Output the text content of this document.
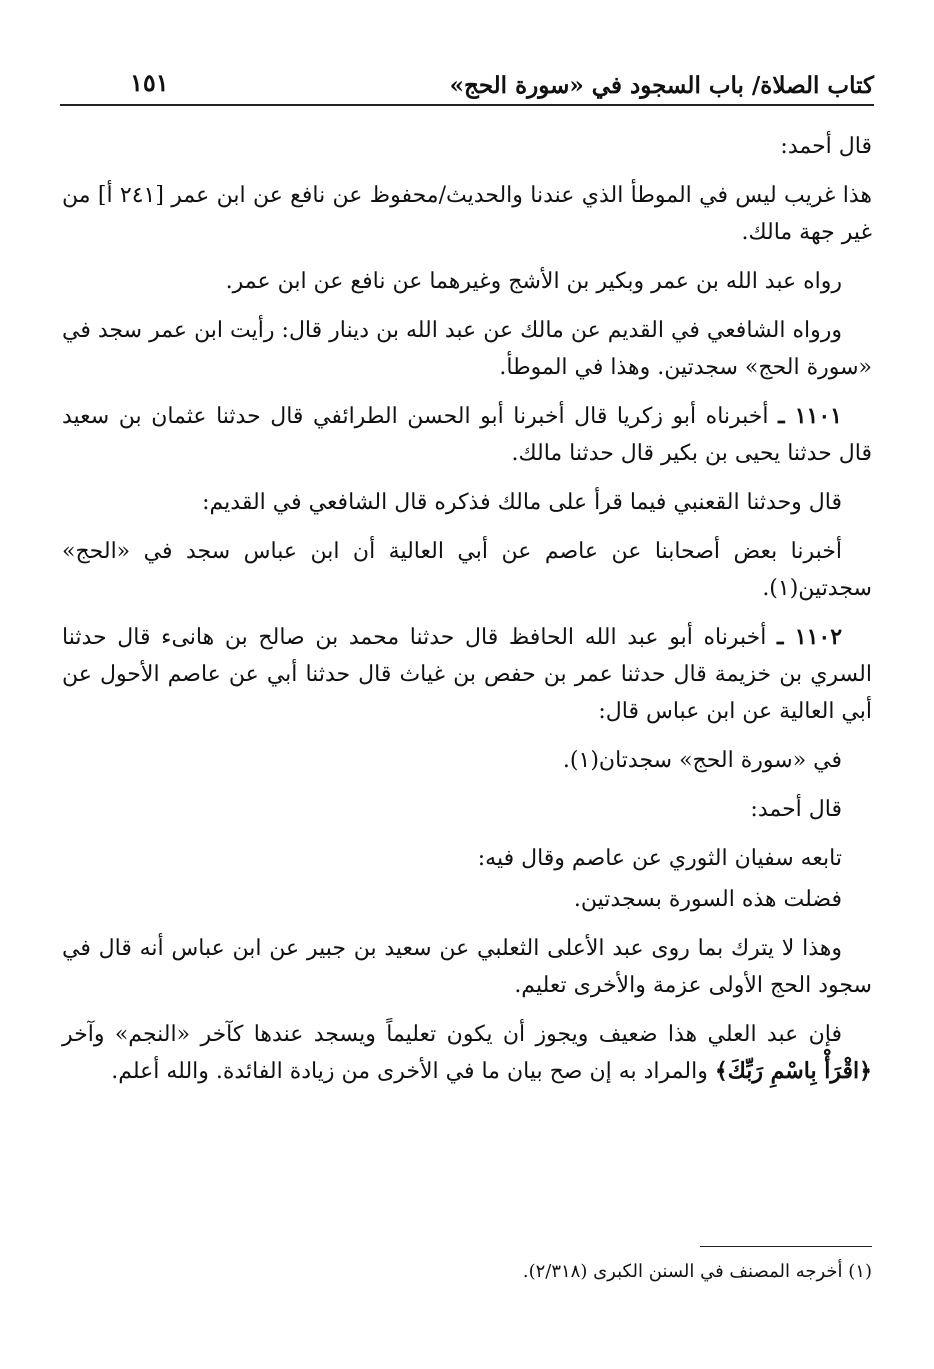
كتاب الصلاة/ باب السجود في «سورة الحج»
١٥١

قال أحمد:

هذا غريب ليس في الموطأ الذي عندنا والحديث/محفوظ عن نافع عن ابن عمر [٢٤١ أ] من غير جهة مالك.

رواه عبد الله بن عمر وبكير بن الأشج وغيرهما عن نافع عن ابن عمر.

ورواه الشافعي في القديم عن مالك عن عبد الله بن دينار قال: رأيت ابن عمر سجد في «سورة الحج» سجدتين. وهذا في الموطأ.

١١٠١ ـ أخبرناه أبو زكريا قال أخبرنا أبو الحسن الطرائفي قال حدثنا عثمان بن سعيد قال حدثنا يحيى بن بكير قال حدثنا مالك.

قال وحدثنا القعنبي فيما قرأ على مالك فذكره قال الشافعي في القديم:

أخبرنا بعض أصحابنا عن عاصم عن أبي العالية أن ابن عباس سجد في «الحج» سجدتين(١).

١١٠٢ ـ أخبرناه أبو عبد الله الحافظ قال حدثنا محمد بن صالح بن هانىء قال حدثنا السري بن خزيمة قال حدثنا عمر بن حفص بن غياث قال حدثنا أبي عن عاصم الأحول عن أبي العالية عن ابن عباس قال:

في «سورة الحج» سجدتان(١).

قال أحمد:

تابعه سفيان الثوري عن عاصم وقال فيه:

فضلت هذه السورة بسجدتين.

وهذا لا يترك بما روى عبد الأعلى الثعلبي عن سعيد بن جبير عن ابن عباس أنه قال في سجود الحج الأولى عزمة والأخرى تعليم.

فإن عبد العلي هذا ضعيف ويجوز أن يكون تعليماً ويسجد عندها كآخر «النجم» وآخر ﴿اقْرَأْ بِاسْمِ رَبِّكَ﴾ والمراد به إن صح بيان ما في الأخرى من زيادة الفائدة. والله أعلم.

(١) أخرجه المصنف في السنن الكبرى (٢/٣١٨).
